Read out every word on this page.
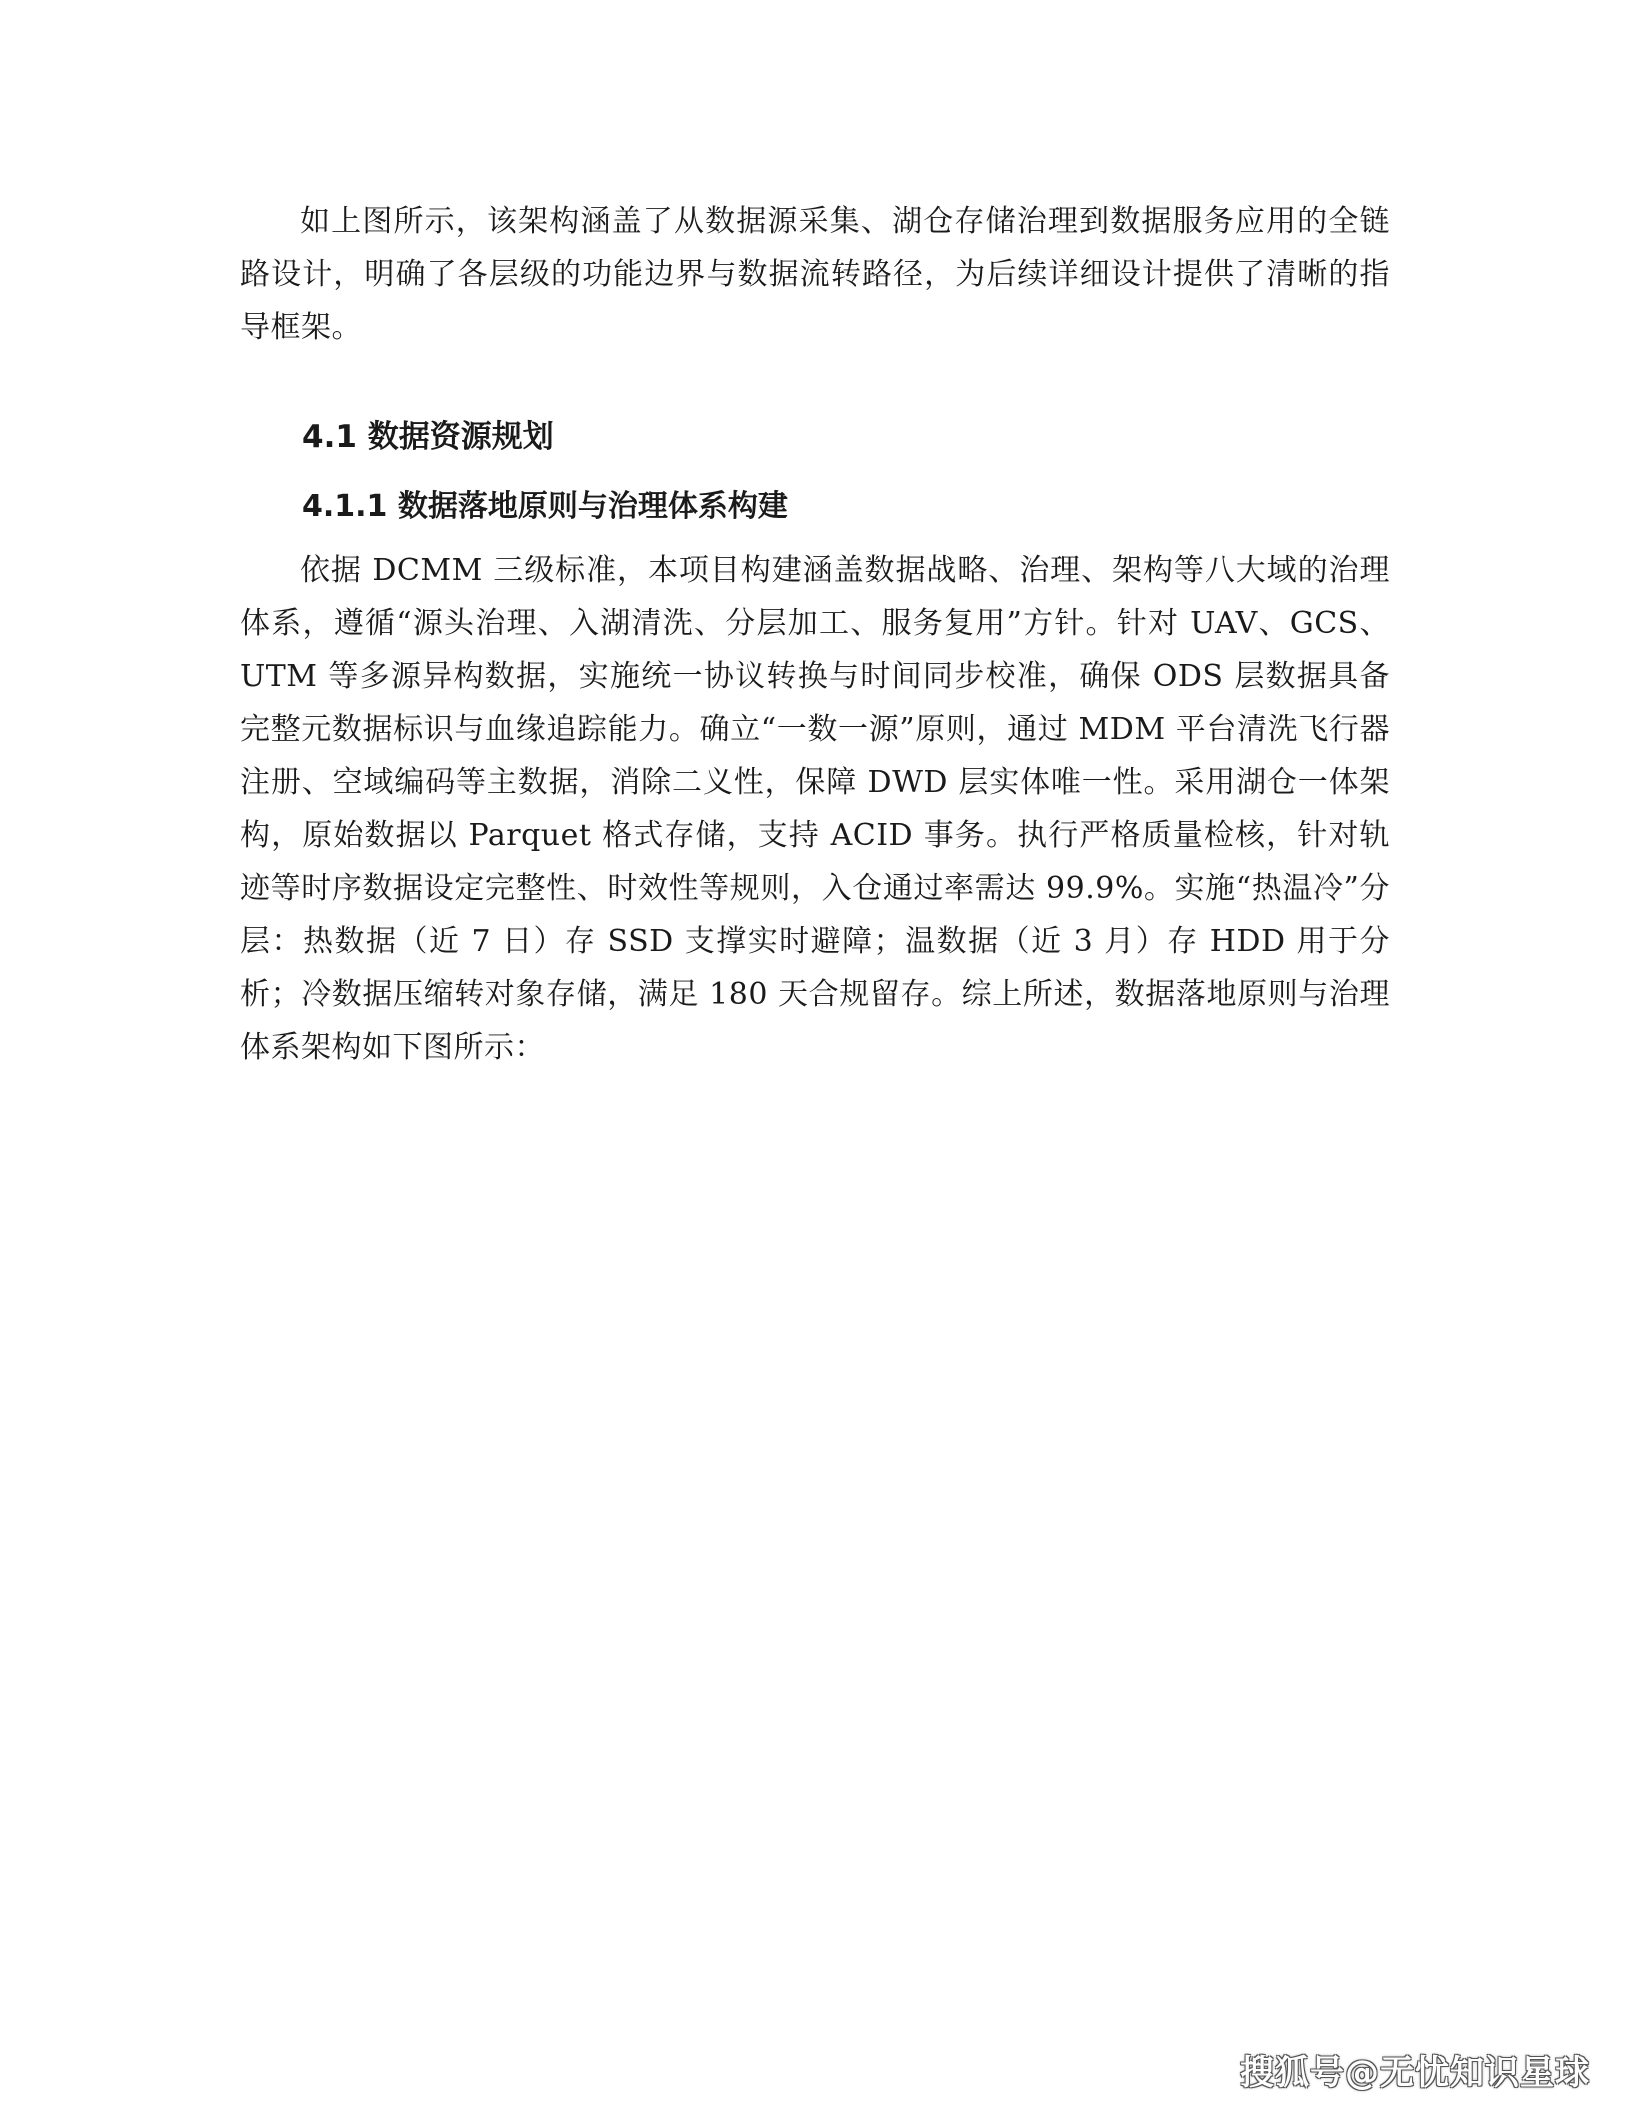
如上图所示，该架构涵盖了从数据源采集、湖仓存储治理到数据服务应用的全链路设计，明确了各层级的功能边界与数据流转路径，为后续详细设计提供了清晰的指导框架。

4.1 数据资源规划
4.1.1 数据落地原则与治理体系构建

依据 DCMM 三级标准，本项目构建涵盖数据战略、治理、架构等八大域的治理体系，遵循“源头治理、入湖清洗、分层加工、服务复用”方针。针对 UAV、GCS、UTM 等多源异构数据，实施统一协议转换与时间同步校准，确保 ODS 层数据具备完整元数据标识与血缘追踪能力。确立“一数一源”原则，通过 MDM 平台清洗飞行器注册、空域编码等主数据，消除二义性，保障 DWD 层实体唯一性。采用湖仓一体架构，原始数据以 Parquet 格式存储，支持 ACID 事务。执行严格质量检核，针对轨迹等时序数据设定完整性、时效性等规则，入仓通过率需达 99.9%。实施“热温冷”分层：热数据（近 7 日）存 SSD 支撑实时避障；温数据（近 3 月）存 HDD 用于分析；冷数据压缩转对象存储，满足 180 天合规留存。综上所述，数据落地原则与治理体系架构如下图所示：

搜狐号@无忧知识星球
